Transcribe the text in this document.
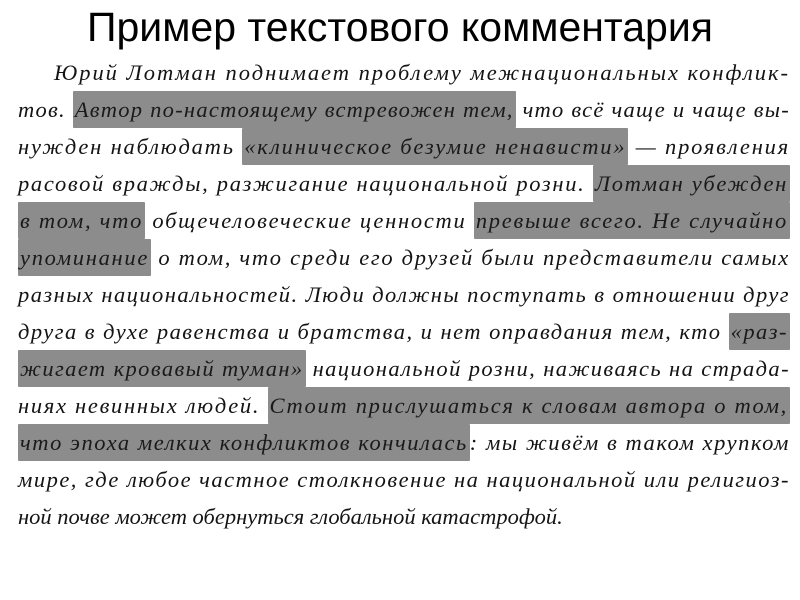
Пример текстового комментария
Юрий Лотман поднимает проблему межнациональных конфлик-
тов. Автор по-настоящему встревожен тем, что всё чаще и чаще вы-
нужден наблюдать «клиническое безумие ненависти» — проявления
расовой вражды, разжигание национальной розни. Лотман убежден
в том, что общечеловеческие ценности превыше всего. Не случайно
упоминание о том, что среди его друзей были представители самых
разных национальностей. Люди должны поступать в отношении друг
друга в духе равенства и братства, и нет оправдания тем, кто «раз-
жигает кровавый туман» национальной розни, наживаясь на страда-
ниях невинных людей. Стоит прислушаться к словам автора о том,
что эпоха мелких конфликтов кончилась: мы живём в таком хрупком
мире, где любое частное столкновение на национальной или религиоз-
ной почве может обернуться глобальной катастрофой.
